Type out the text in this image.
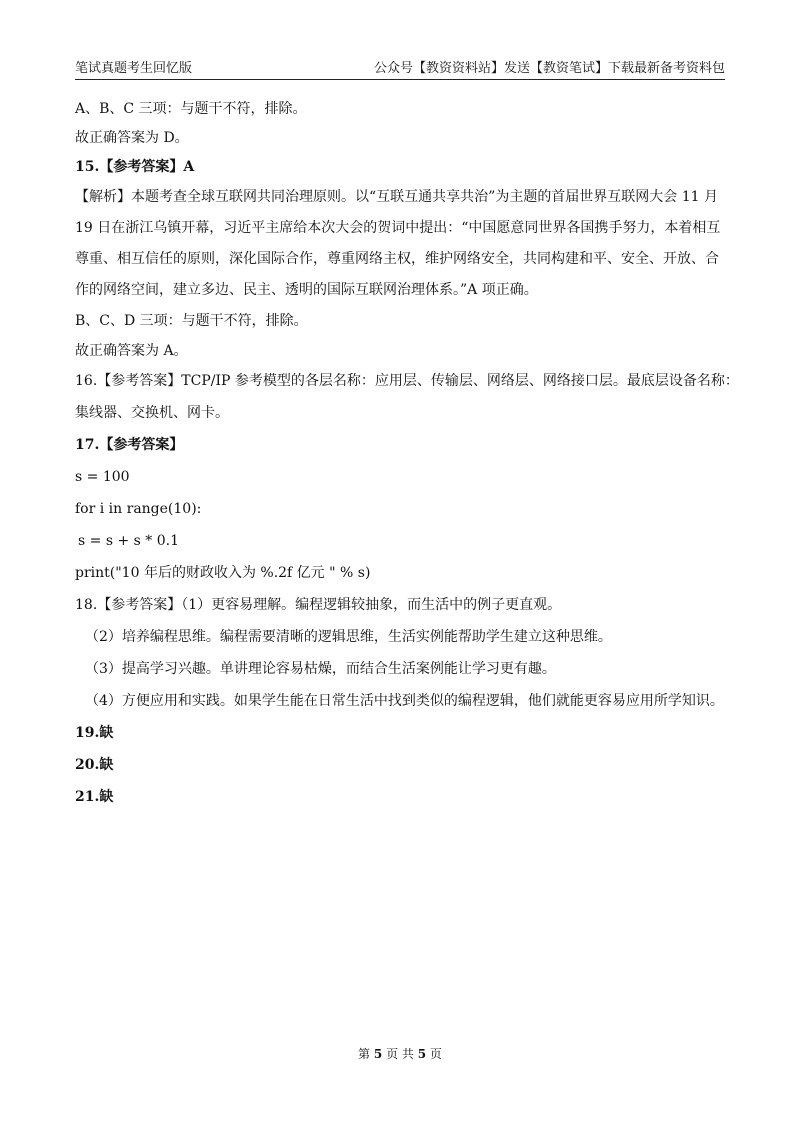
笔试真题考生回忆版	公众号【教资资料站】发送【教资笔试】下载最新备考资料包
A、B、C 三项：与题干不符，排除。
故正确答案为 D。
15.【参考答案】A
【解析】本题考查全球互联网共同治理原则。以“互联互通共享共治”为主题的首届世界互联网大会 11 月
19 日在浙江乌镇开幕，习近平主席给本次大会的贺词中提出：“中国愿意同世界各国携手努力，本着相互
尊重、相互信任的原则，深化国际合作，尊重网络主权，维护网络安全，共同构建和平、安全、开放、合
作的网络空间，建立多边、民主、透明的国际互联网治理体系。”A 项正确。
B、C、D 三项：与题干不符，排除。
故正确答案为 A。
16.【参考答案】TCP/IP 参考模型的各层名称：应用层、传输层、网络层、网络接口层。最底层设备名称：
集线器、交换机、网卡。
17.【参考答案】
s = 100
for i in range(10):
s = s + s * 0.1
print("10 年后的财政收入为 %.2f 亿元 " % s)
18.【参考答案】（1）更容易理解。编程逻辑较抽象，而生活中的例子更直观。
（2）培养编程思维。编程需要清晰的逻辑思维，生活实例能帮助学生建立这种思维。
（3）提高学习兴趣。单讲理论容易枯燥，而结合生活案例能让学习更有趣。
（4）方便应用和实践。如果学生能在日常生活中找到类似的编程逻辑，他们就能更容易应用所学知识。
19.缺
20.缺
21.缺
第 5 页 共 5 页
